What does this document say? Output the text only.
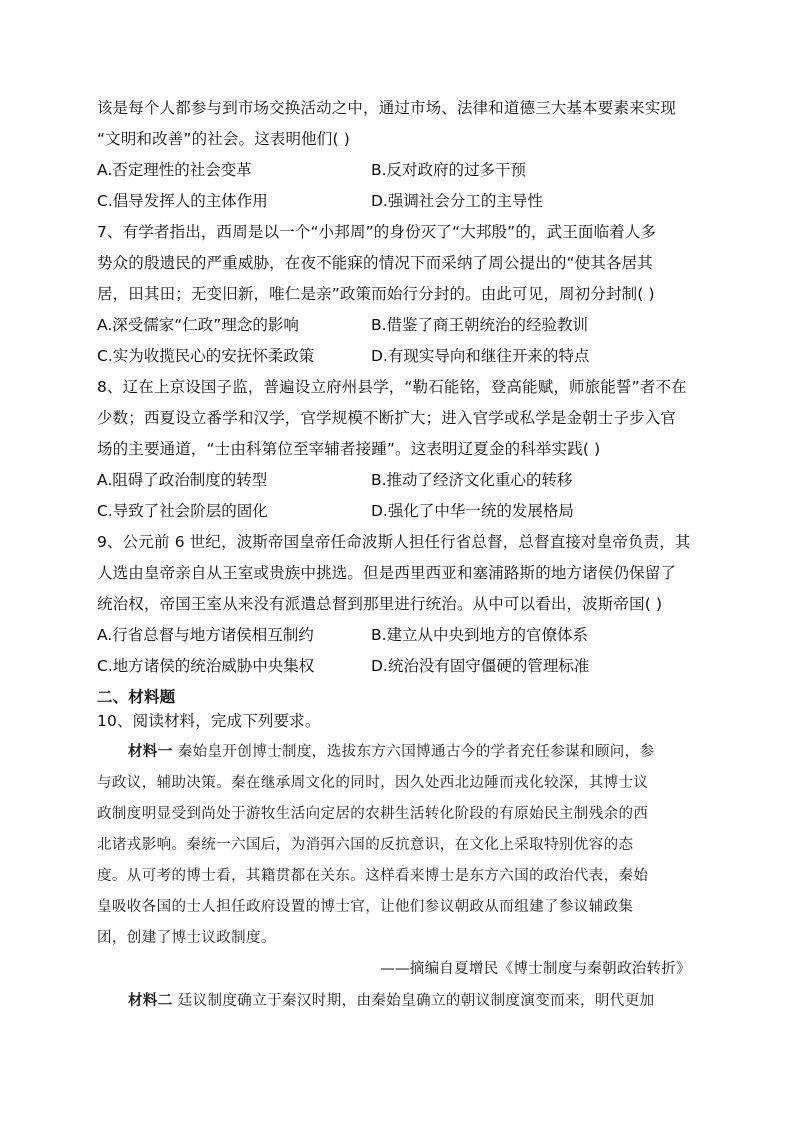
该是每个人都参与到市场交换活动之中，通过市场、法律和道德三大基本要素来实现
“文明和改善”的社会。这表明他们( )
A.否定理性的社会变革	B.反对政府的过多干预
C.倡导发挥人的主体作用	D.强调社会分工的主导性
7、有学者指出，西周是以一个“小邦周”的身份灭了“大邦殷”的，武王面临着人多
势众的殷遗民的严重威胁，在夜不能寐的情况下而采纳了周公提出的“使其各居其
居，田其田；无变旧新，唯仁是亲”政策而始行分封的。由此可见，周初分封制( )
A.深受儒家“仁政”理念的影响	B.借鉴了商王朝统治的经验教训
C.实为收揽民心的安抚怀柔政策	D.有现实导向和继往开来的特点
8、辽在上京设国子监，普遍设立府州县学，“勒石能铭，登高能赋，师旅能誓”者不在
少数；西夏设立番学和汉学，官学规模不断扩大；进入官学或私学是金朝士子步入官
场的主要通道，“士由科第位至宰辅者接踵”。这表明辽夏金的科举实践( )
A.阻碍了政治制度的转型	B.推动了经济文化重心的转移
C.导致了社会阶层的固化	D.强化了中华一统的发展格局
9、公元前 6 世纪，波斯帝国皇帝任命波斯人担任行省总督，总督直接对皇帝负责，其
人选由皇帝亲自从王室或贵族中挑选。但是西里西亚和塞浦路斯的地方诸侯仍保留了
统治权，帝国王室从来没有派遣总督到那里进行统治。从中可以看出，波斯帝国( )
A.行省总督与地方诸侯相互制约	B.建立从中央到地方的官僚体系
C.地方诸侯的统治威胁中央集权	D.统治没有固守僵硬的管理标准
二、材料题
10、阅读材料，完成下列要求。
材料一 秦始皇开创博士制度，选拔东方六国博通古今的学者充任参谋和顾问，参
与政议，辅助决策。秦在继承周文化的同时，因久处西北边陲而戎化较深，其博士议
政制度明显受到尚处于游牧生活向定居的农耕生活转化阶段的有原始民主制残余的西
北诸戎影响。秦统一六国后，为消弭六国的反抗意识，在文化上采取特别优容的态
度。从可考的博士看，其籍贯都在关东。这样看来博士是东方六国的政治代表，秦始
皇吸收各国的士人担任政府设置的博士官，让他们参议朝政从而组建了参议辅政集
团，创建了博士议政制度。
——摘编自夏增民《博士制度与秦朝政治转折》
材料二 廷议制度确立于秦汉时期，由秦始皇确立的朝议制度演变而来，明代更加
